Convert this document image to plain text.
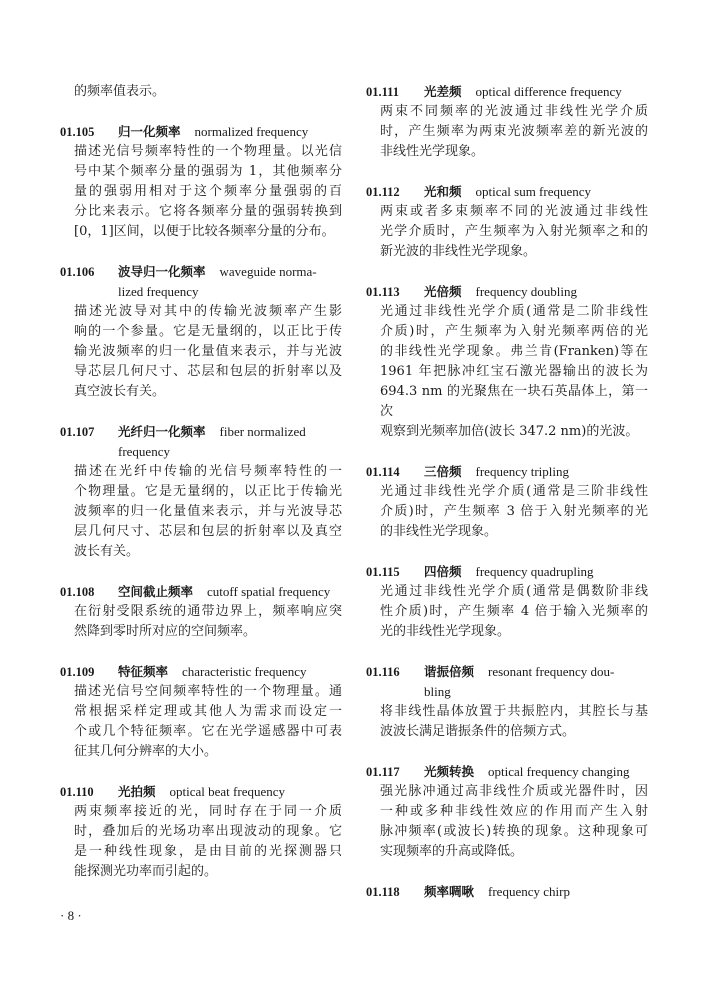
的频率值表示。
01.105 归一化频率 normalized frequency
描述光信号频率特性的一个物理量。以光信
号中某个频率分量的强弱为 1，其他频率分
量的强弱用相对于这个频率分量强弱的百
分比来表示。它将各频率分量的强弱转换到
[0，1]区间，以便于比较各频率分量的分布。
01.106 波导归一化频率 waveguide norma-
lized frequency
描述光波导对其中的传输光波频率产生影
响的一个参量。它是无量纲的，以正比于传
输光波频率的归一化量值来表示，并与光波
导芯层几何尺寸、芯层和包层的折射率以及
真空波长有关。
01.107 光纤归一化频率 fiber normalized
frequency
描述在光纤中传输的光信号频率特性的一
个物理量。它是无量纲的，以正比于传输光
波频率的归一化量值来表示，并与光波导芯
层几何尺寸、芯层和包层的折射率以及真空
波长有关。
01.108 空间截止频率 cutoff spatial frequency
在衍射受限系统的通带边界上，频率响应突
然降到零时所对应的空间频率。
01.109 特征频率 characteristic frequency
描述光信号空间频率特性的一个物理量。通
常根据采样定理或其他人为需求而设定一
个或几个特征频率。它在光学遥感器中可表
征其几何分辨率的大小。
01.110 光拍频 optical beat frequency
两束频率接近的光，同时存在于同一介质
时，叠加后的光场功率出现波动的现象。它
是一种线性现象，是由目前的光探测器只
能探测光功率而引起的。
01.111 光差频 optical difference frequency
两束不同频率的光波通过非线性光学介质
时，产生频率为两束光波频率差的新光波的
非线性光学现象。
01.112 光和频 optical sum frequency
两束或者多束频率不同的光波通过非线性
光学介质时，产生频率为入射光频率之和的
新光波的非线性光学现象。
01.113 光倍频 frequency doubling
光通过非线性光学介质(通常是二阶非线性
介质)时，产生频率为入射光频率两倍的光
的非线性光学现象。弗兰肯(Franken)等在
1961 年把脉冲红宝石激光器输出的波长为
694.3 nm 的光聚焦在一块石英晶体上，第一次
观察到光频率加倍(波长 347.2 nm)的光波。
01.114 三倍频 frequency tripling
光通过非线性光学介质(通常是三阶非线性
介质)时，产生频率 3 倍于入射光频率的光
的非线性光学现象。
01.115 四倍频 frequency quadrupling
光通过非线性光学介质(通常是偶数阶非线
性介质)时，产生频率 4 倍于输入光频率的
光的非线性光学现象。
01.116 谐振倍频 resonant frequency dou-
bling
将非线性晶体放置于共振腔内，其腔长与基
波波长满足谐振条件的倍频方式。
01.117 光频转换 optical frequency changing
强光脉冲通过高非线性介质或光器件时，因
一种或多种非线性效应的作用而产生入射
脉冲频率(或波长)转换的现象。这种现象可
实现频率的升高或降低。
01.118 频率啁啾 frequency chirp
· 8 ·
